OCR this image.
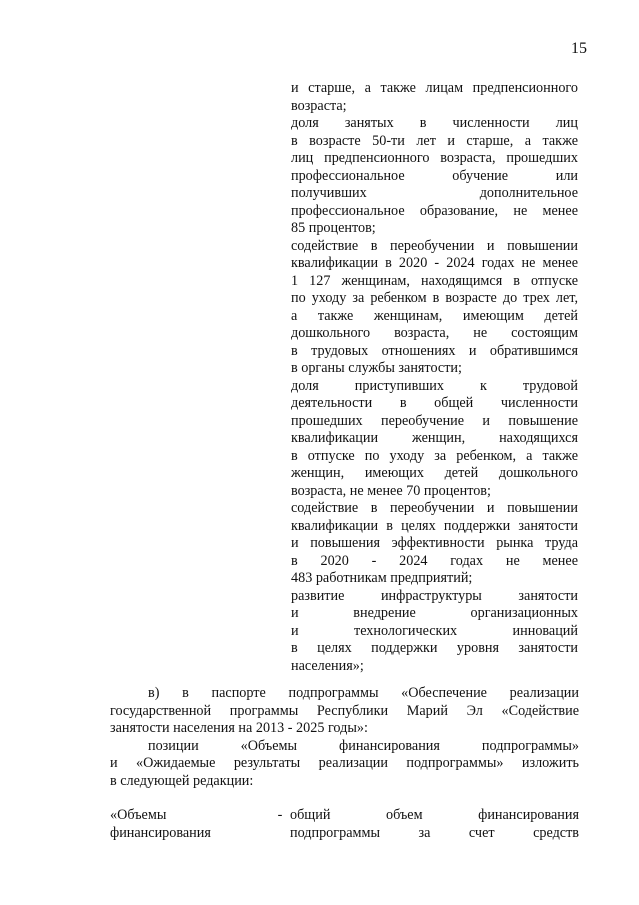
15
и старше, а также лицам предпенсионного
возраста;
доля занятых в численности лиц
в возрасте 50-ти лет и старше, а также
лиц предпенсионного возраста, прошедших
профессиональное обучение или
получивших дополнительное
профессиональное образование, не менее
85 процентов;
содействие в переобучении и повышении
квалификации в 2020 - 2024 годах не менее
1 127 женщинам, находящимся в отпуске
по уходу за ребенком в возрасте до трех лет,
а также женщинам, имеющим детей
дошкольного возраста, не состоящим
в трудовых отношениях и обратившимся
в органы службы занятости;
доля приступивших к трудовой
деятельности в общей численности
прошедших переобучение и повышение
квалификации женщин, находящихся
в отпуске по уходу за ребенком, а также
женщин, имеющих детей дошкольного
возраста, не менее 70 процентов;
содействие в переобучении и повышении
квалификации в целях поддержки занятости
и повышения эффективности рынка труда
в 2020 - 2024 годах не менее
483 работникам предприятий;
развитие инфраструктуры занятости
и внедрение организационных
и технологических инноваций
в целях поддержки уровня занятости
населения»;
в) в паспорте подпрограммы «Обеспечение реализации
государственной программы Республики Марий Эл «Содействие
занятости населения на 2013 - 2025 годы»:
позиции «Объемы финансирования подпрограммы»
и «Ожидаемые результаты реализации подпрограммы» изложить
в следующей редакции:
«Объемы
финансирования
- общий объем финансирования
подпрограммы за счет средств
